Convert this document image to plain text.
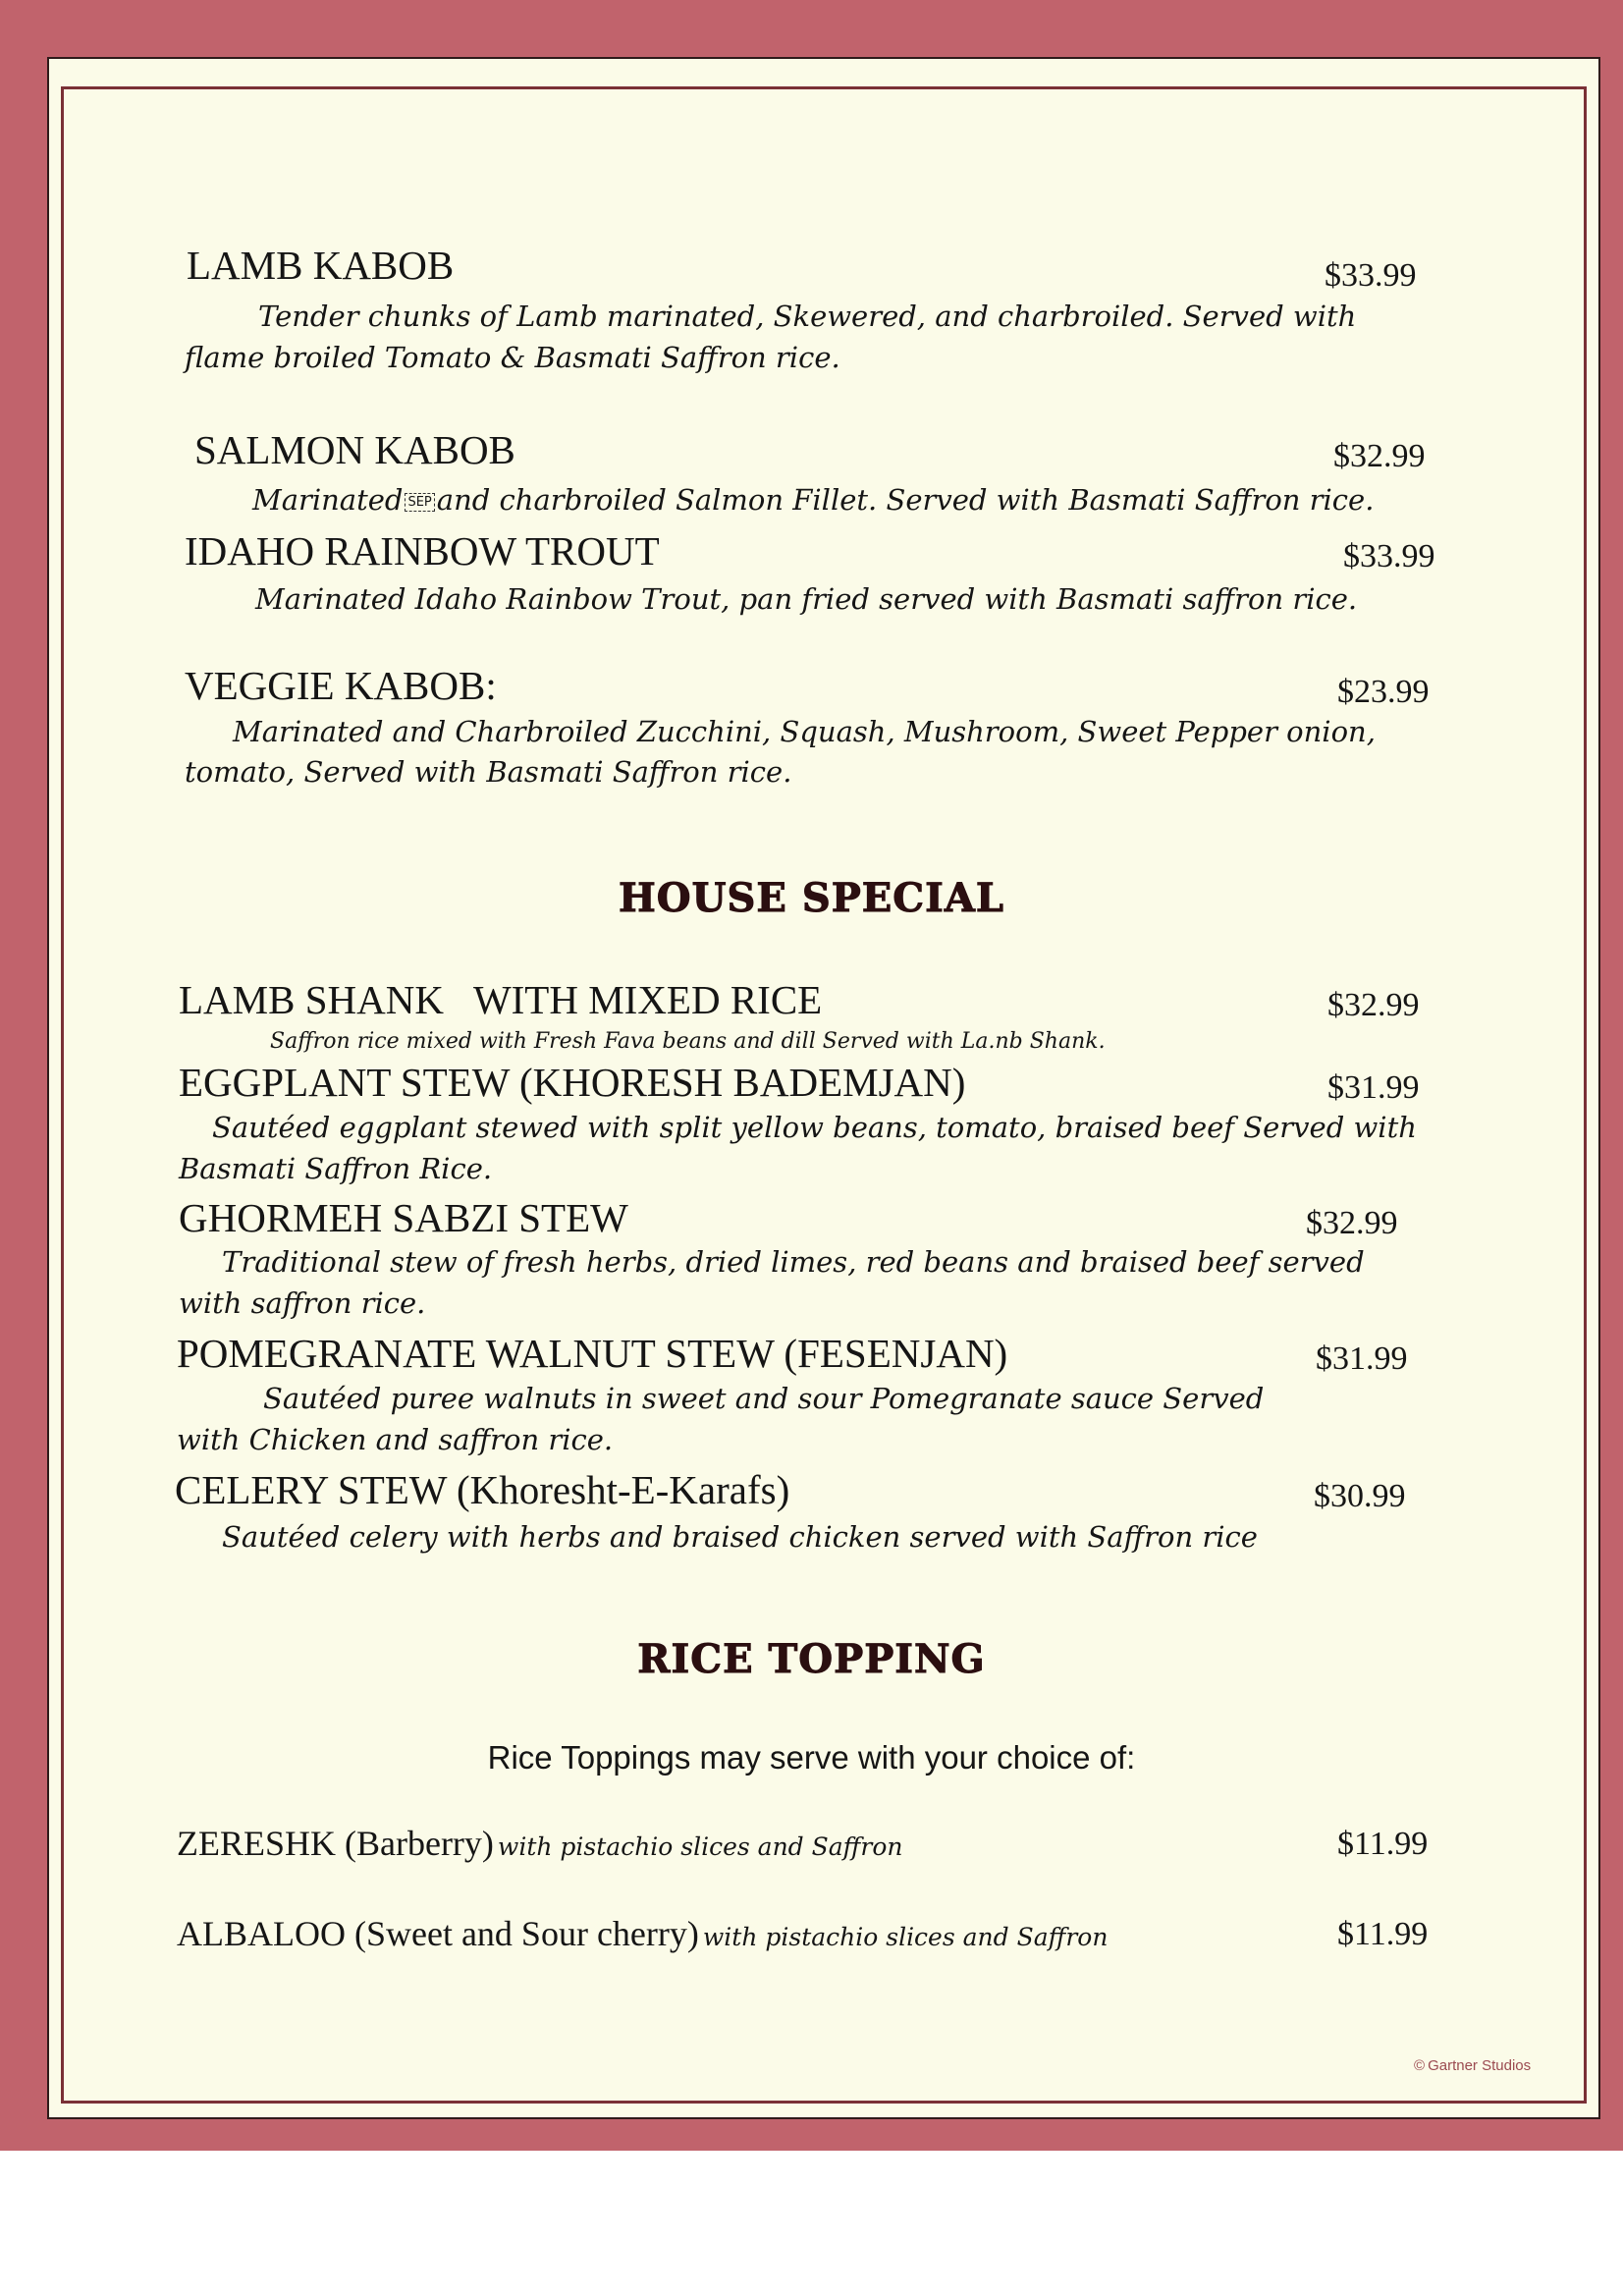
LAMB KABOB	$33.99
Tender chunks of Lamb marinated, Skewered, and charbroiled. Served with
flame broiled Tomato & Basmati Saffron rice.
SALMON KABOB	$32.99
Marinated SEP and charbroiled Salmon Fillet. Served with Basmati Saffron rice.
IDAHO RAINBOW TROUT	$33.99
Marinated Idaho Rainbow Trout, pan fried served with Basmati saffron rice.
VEGGIE KABOB:	$23.99
Marinated and Charbroiled Zucchini, Squash, Mushroom, Sweet Pepper onion,
tomato, Served with Basmati Saffron rice.
HOUSE SPECIAL
LAMB SHANK   WITH MIXED RICE	$32.99
Saffron rice mixed with Fresh Fava beans and dill Served with La.nb Shank.
EGGPLANT STEW (KHORESH BADEMJAN)	$31.99
Sautéed eggplant stewed with split yellow beans, tomato, braised beef Served with
Basmati Saffron Rice.
GHORMEH SABZI STEW	$32.99
Traditional stew of fresh herbs, dried limes, red beans and braised beef served
with saffron rice.
POMEGRANATE WALNUT STEW (FESENJAN)	$31.99
Sautéed puree walnuts in sweet and sour Pomegranate sauce Served
with Chicken and saffron rice.
CELERY STEW (Khoresht-E-Karafs)	$30.99
Sautéed celery with herbs and braised chicken served with Saffron rice
RICE TOPPING
Rice Toppings may serve with your choice of:
ZERESHK (Barberry) with pistachio slices and Saffron	$11.99
ALBALOO (Sweet and Sour cherry) with pistachio slices and Saffron	$11.99
© Gartner Studios
